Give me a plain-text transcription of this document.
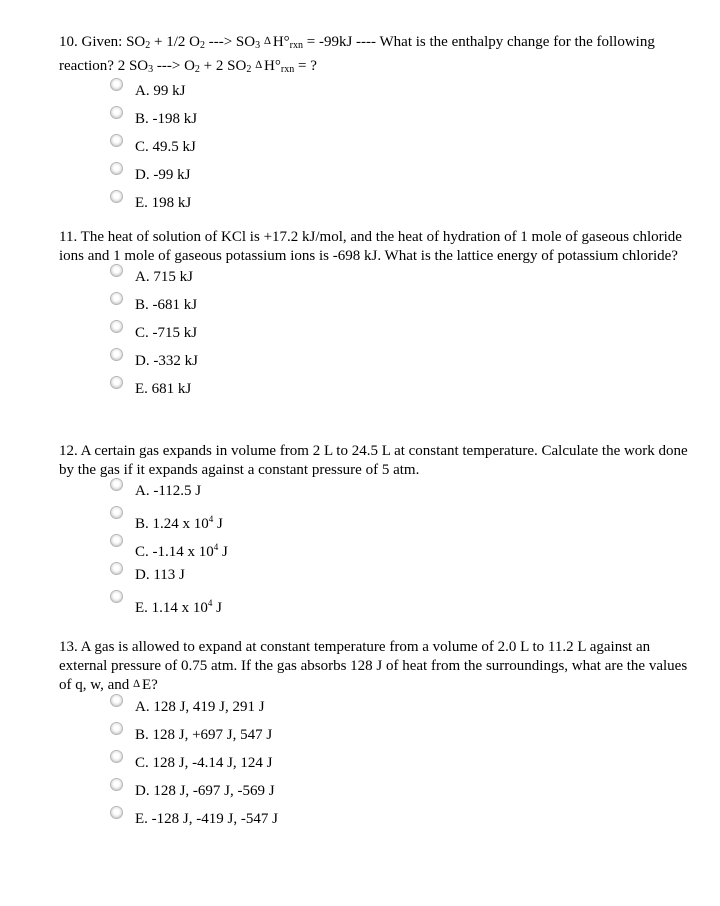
10. Given: $SO_2 + 1/2$ $O_2$ ---> $SO_3$ ∆ $H^\circ_{rxn} = -99kJ$ ---- What is the enthalpy change for the following reaction? 2 $SO_3$ ---> $O_2 + 2$ $SO_2$ ∆ $H^\circ_{rxn}$ = ?

A. 99 kJ
B. -198 kJ
C. 49.5 kJ
D. -99 kJ
E. 198 kJ

11. The heat of solution of KCl is +17.2 kJ/mol, and the heat of hydration of 1 mole of gaseous chloride ions and 1 mole of gaseous potassium ions is -698 kJ. What is the lattice energy of potassium chloride?

A. 715 kJ
B. -681 kJ
C. -715 kJ
D. -332 kJ
E. 681 kJ

12. A certain gas expands in volume from 2 L to 24.5 L at constant temperature. Calculate the work done by the gas if it expands against a constant pressure of 5 atm.

A. -112.5 J
B. 1.24 x $10^4$ J
C. -1.14 x $10^4$ J
D. 113 J
E. 1.14 x $10^4$ J

13. A gas is allowed to expand at constant temperature from a volume of 2.0 L to 11.2 L against an external pressure of 0.75 atm. If the gas absorbs 128 J of heat from the surroundings, what are the values of q, w, and ∆ E?

A. 128 J, 419 J, 291 J
B. 128 J, +697 J, 547 J
C. 128 J, -4.14 J, 124 J
D. 128 J, -697 J, -569 J
E. -128 J, -419 J, -547 J
